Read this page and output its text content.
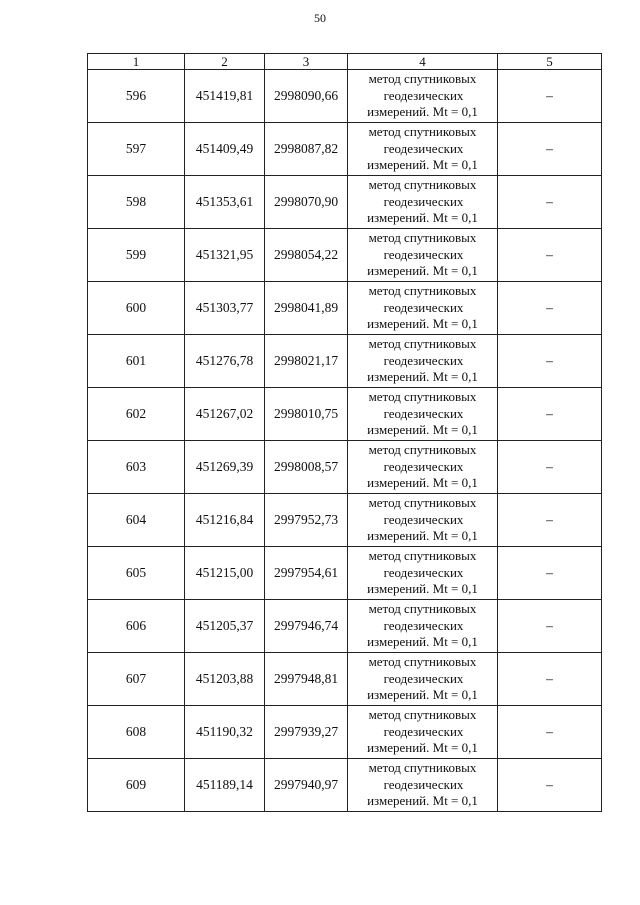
50
1	2	3	4	5
596	451419,81	2998090,66	метод спутниковых
геодезических
измерений. Mt = 0,1	–
597	451409,49	2998087,82	метод спутниковых
геодезических
измерений. Mt = 0,1	–
598	451353,61	2998070,90	метод спутниковых
геодезических
измерений. Mt = 0,1	–
599	451321,95	2998054,22	метод спутниковых
геодезических
измерений. Mt = 0,1	–
600	451303,77	2998041,89	метод спутниковых
геодезических
измерений. Mt = 0,1	–
601	451276,78	2998021,17	метод спутниковых
геодезических
измерений. Mt = 0,1	–
602	451267,02	2998010,75	метод спутниковых
геодезических
измерений. Mt = 0,1	–
603	451269,39	2998008,57	метод спутниковых
геодезических
измерений. Mt = 0,1	–
604	451216,84	2997952,73	метод спутниковых
геодезических
измерений. Mt = 0,1	–
605	451215,00	2997954,61	метод спутниковых
геодезических
измерений. Mt = 0,1	–
606	451205,37	2997946,74	метод спутниковых
геодезических
измерений. Mt = 0,1	–
607	451203,88	2997948,81	метод спутниковых
геодезических
измерений. Mt = 0,1	–
608	451190,32	2997939,27	метод спутниковых
геодезических
измерений. Mt = 0,1	–
609	451189,14	2997940,97	метод спутниковых
геодезических
измерений. Mt = 0,1	–
